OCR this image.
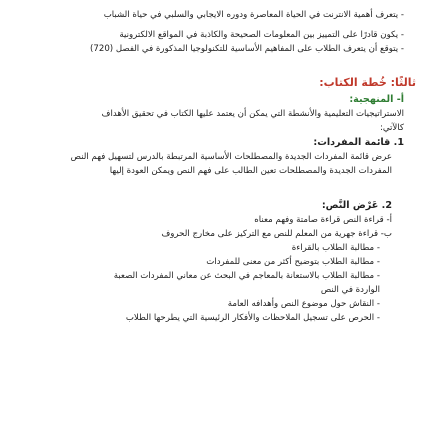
- يتعرف أهمية الانترنت في الحياة المعاصرة ودوره الايجابي والسلبي في حياة الشباب
- يكون قادرًا على التمييز بين المعلومات الصحيحة والكاذبة في المواقع الالكترونية
- يتوقع أن يتعرف الطلاب على المفاهيم الأساسية للتكنولوجيا المذكورة في الفصل (720)
ثالثًا: خُطة الكتاب:
أ- المنهجية:
الاستراتيجيات التعليمية والأنشطة التي يمكن أن يعتمد عليها الكتاب في تحقيق الأهداف
كالآتي:
1. قائمة المفردات:
عرض قائمة المفردات الجديدة والمصطلحات الأساسية المرتبطة بالدرس لتسهيل فهم النص
المفردات الجديدة والمصطلحات تعين الطالب على فهم النص ويمكن العودة إليها
2. عَرْض النَّص:
أ- قراءة النص قراءة صامتة وفهم معناه
ب- قراءة جهرية من المعلم للنص مع التركيز على مخارج الحروف
- مطالبة الطلاب بالقراءة
- مطالبة الطلاب بتوضيح أكثر من معنى للمفردات
- مطالبة الطلاب بالاستعانة بالمعاجم في البحث عن معاني المفردات الصعبة
الواردة في النص
- النقاش حول موضوع النص وأهدافه العامة
- الحرص على تسجيل الملاحظات والأفكار الرئيسية التي يطرحها الطلاب
